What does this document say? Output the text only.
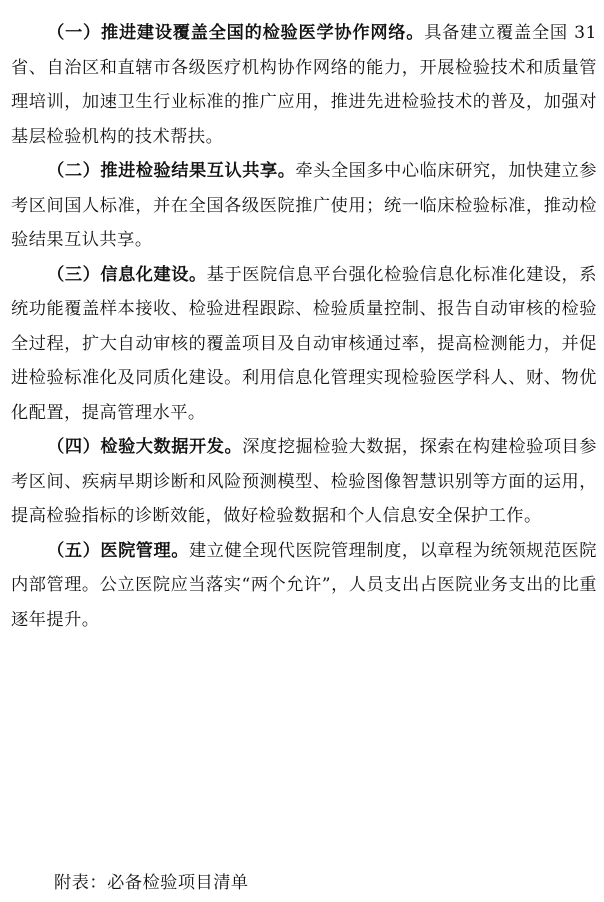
（一）推进建设覆盖全国的检验医学协作网络。具备建立覆盖全国 31 省、自治区和直辖市各级医疗机构协作网络的能力，开展检验技术和质量管理培训，加速卫生行业标准的推广应用，推进先进检验技术的普及，加强对基层检验机构的技术帮扶。

（二）推进检验结果互认共享。牵头全国多中心临床研究，加快建立参考区间国人标准，并在全国各级医院推广使用；统一临床检验标准，推动检验结果互认共享。

（三）信息化建设。基于医院信息平台强化检验信息化标准化建设，系统功能覆盖样本接收、检验进程跟踪、检验质量控制、报告自动审核的检验全过程，扩大自动审核的覆盖项目及自动审核通过率，提高检测能力，并促进检验标准化及同质化建设。利用信息化管理实现检验医学科人、财、物优化配置，提高管理水平。

（四）检验大数据开发。深度挖掘检验大数据，探索在构建检验项目参考区间、疾病早期诊断和风险预测模型、检验图像智慧识别等方面的运用，提高检验指标的诊断效能，做好检验数据和个人信息安全保护工作。

（五）医院管理。建立健全现代医院管理制度，以章程为统领规范医院内部管理。公立医院应当落实“两个允许”，人员支出占医院业务支出的比重逐年提升。

附表：必备检验项目清单
